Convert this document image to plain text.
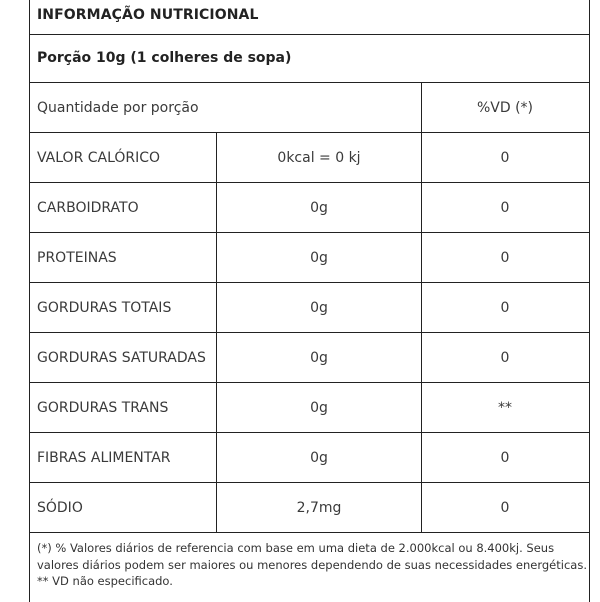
INFORMAÇÃO NUTRICIONAL
Porção 10g (1 colheres de sopa)
Quantidade por porção	%VD (*)
VALOR CALÓRICO	0kcal = 0 kj	0
CARBOIDRATO	0g	0
PROTEINAS	0g	0
GORDURAS TOTAIS	0g	0
GORDURAS SATURADAS	0g	0
GORDURAS TRANS	0g	**
FIBRAS ALIMENTAR	0g	0
SÓDIO	2,7mg	0
(*) % Valores diários de referencia com base em uma dieta de 2.000kcal ou 8.400kj. Seus
valores diários podem ser maiores ou menores dependendo de suas necessidades energéticas.
** VD não especificado.
